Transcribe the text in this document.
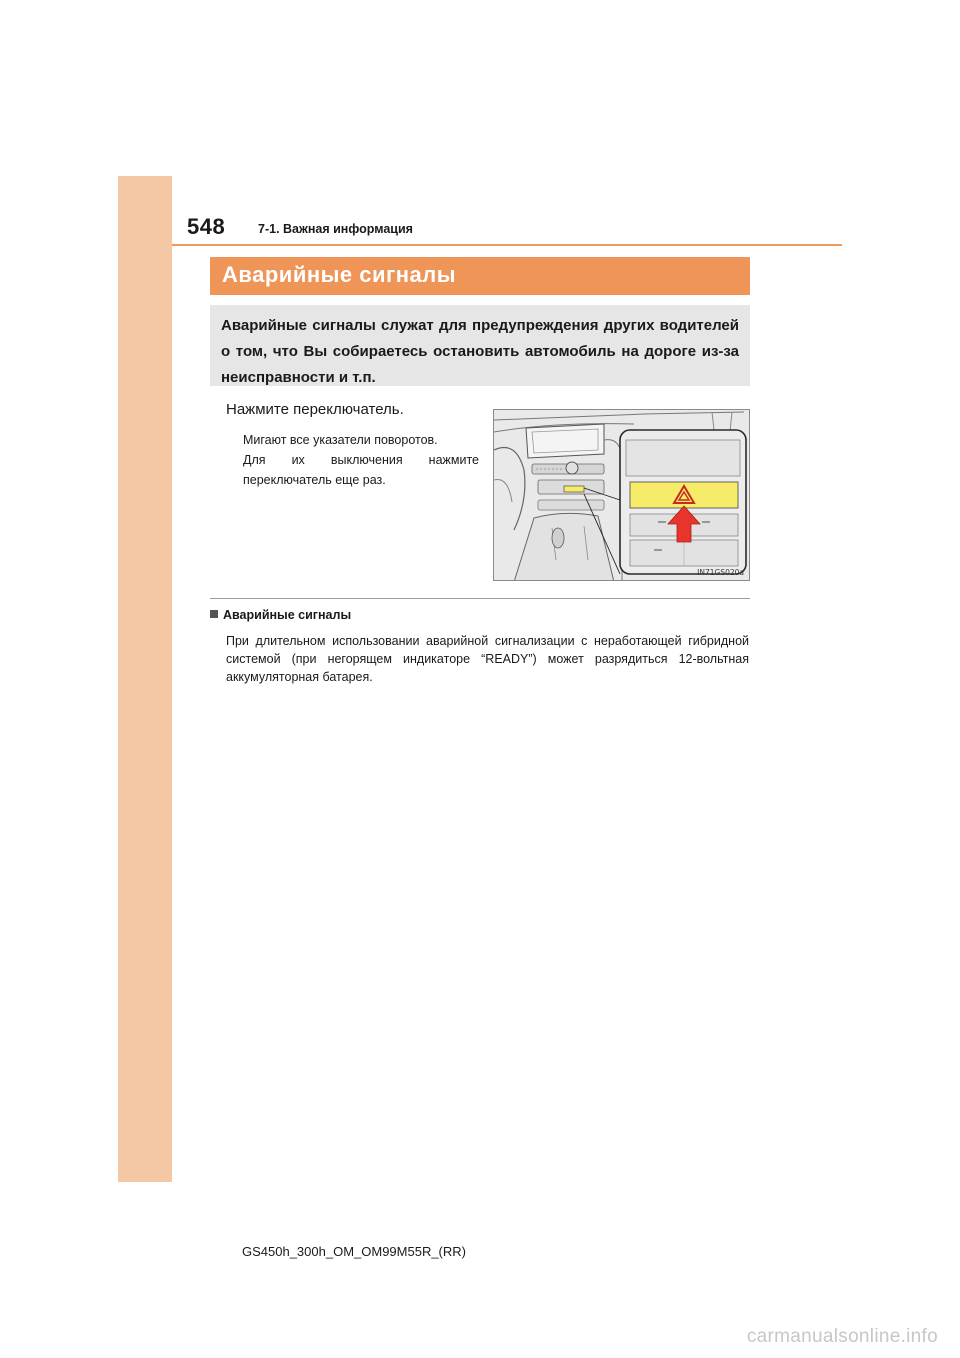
548	7-1. Важная информация
Аварийные сигналы
Аварийные сигналы служат для предупреждения других водителей о том, что Вы собираетесь остановить автомобиль на дороге из-за неисправности и т.п.
Нажмите переключатель.

Мигают все указатели поворотов.

Для их выключения нажмите переключатель еще раз.

IN71GS020a
Аварийные сигналы
При длительном использовании аварийной сигнализации с неработающей гибридной системой (при негорящем индикаторе “READY”) может разрядиться 12-вольтная аккумуляторная батарея.
GS450h_300h_OM_OM99M55R_(RR)
carmanualsonline.info
